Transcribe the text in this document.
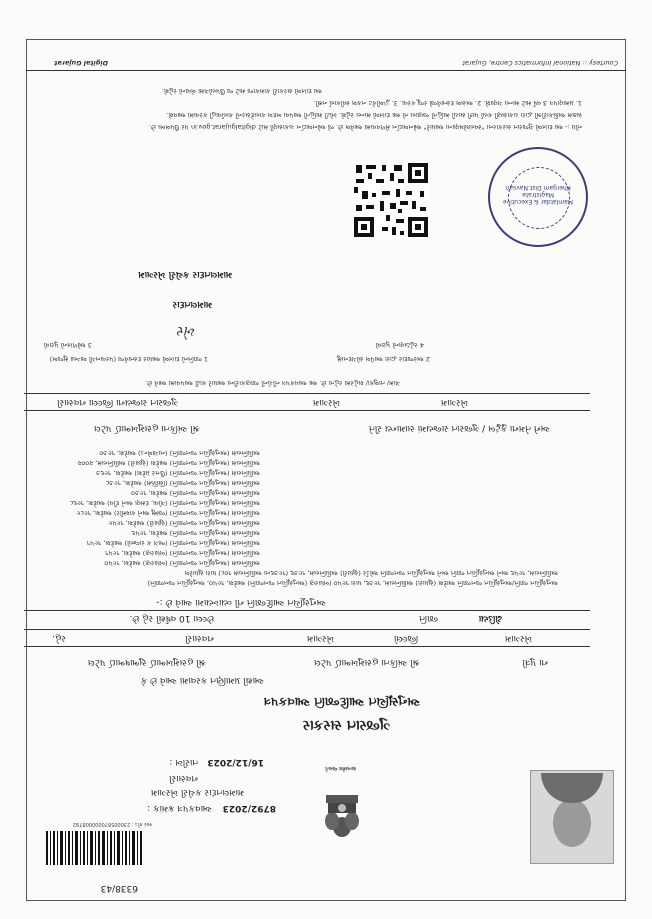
6338/43
સત્યમેવ જયતે
બાર કોડ : 230005870000008792
આવકપત્ર ક્રમાંક : 8792/2023
મામલતદાર કચેરી ખેરગામ
નવસારી
તારીખ : 16/12/2023
ગુજરાત સરકાર
અનુસૂચિત આદિજાતિ આવકપત્ર
આથી પ્રમાણિત કરવામાં આવે છે કે
શ્રી અંકિતા હસમુખભાઈ પટેલ
શ્રી હસમુખભાઈ સુભાષભાઈ પટેલ	ના પુત્રી
રહે.	નવસારી	ખેરગામ	જિલ્લો	ખેરગામ
છેલ્લા 10 વર્ષથી રહે છે.	જાતિ	ઢોડિયા
અનુસૂચિત આદિજાતિ ની વ્યાખ્યામાં આવે છે :-
અનુસૂચિત જાતિ/અનુસૂચિત જનજાતિ આદેશ (સુધારા) અધિનિયમ, ૧૯૭૬, ધારા ૧૯૫૦ (બંધારણ (અનુસૂચિત જનજાતિ) આદેશ, ૧૯૫૦, અનુસૂચિત જનજાતિ)
અધિનિયમ, ૧૯૫૬ અને અનુસૂચિત જાતિ અને અનુસૂચિત જનજાતિ ઓર્ડર (સુધારો) અધિનિયમ, ૧૯૭૬ (૧૯૭૬ના અધિનિયમ ૧૦૮) ધારા સુધારેલ
અધિનિયમ (અનુસૂચિત જનજાતિ) (બંધારણ) આદેશ, ૧૯૫૦
અધિનિયમ (અનુસૂચિત જનજાતિ) (બંધારણ) આદેશ, ૧૯૫૧
અધિનિયમ (અનુસૂચિત જનજાતિ) (ભાગ ક રાજ્યો) આદેશ, ૧૯૫૧
અધિનિયમ (અનુસૂચિત જનજાતિ) આદેશ, ૧૯૫૬
અધિનિયમ (અનુસૂચિત જનજાતિ) (સુધારો) આદેશ, ૧૯૫૯
અધિનિયમ (અનુસૂચિત જનજાતિ) (જમ્મુ અને કાશ્મીર) આદેશ, ૧૯૮૯
અધિનિયમ (અનુસૂચિત જનજાતિ) (ગોવા, દમણ અને દીવ) આદેશ, ૧૯૬૮
અધિનિયમ (અનુસૂચિત જનજાતિ) આદેશ, ૧૯૭૦
અધિનિયમ (અનુસૂચિત જનજાતિ) (સિક્કિમ) આદેશ, ૧૯૭૮
અધિનિયમ (અનુસૂચિત જનજાતિ) (ઉત્તર પ્રદેશ) આદેશ, ૧૯૬૭
અધિનિયમ (અનુસૂચિત જનજાતિ) આદેશ (સુધારો) અધિનિયમ, ૨૦૦૨
અધિનિયમ (અનુસૂચિત જનજાતિ) (નાગાલેન્ડ) આદેશ, ૧૯૭૦
શ્રી અંકિતા હસમુખભાઈ પટેલ	અને તેમના કુટુંબ / ગુજરાત રાજ્યમાં સામાન્ય રીતે
ગુજરાત રાજ્યના જિલ્લા નવસારી	ખેરગામ	ખેરગામ
ગામ/ તાલુકા/ શહેરમાં રહેતા છે. આ આવકપત્ર નીચેની જાણકારીના આધારે કાઢી આપવામાં આવે છે.
1 જાતિનો દાખલો આધાર દસ્તાવેજ (પરવાનગી લાગ્યા મુજબ)	2 અરજદાર દ્વારા આપેલ સોગંદનામું
3 ઓળખનો પુરાવો	4 રહેઠાણનો પુરાવો
ખેર
મામલતદાર
મામલતદાર કચેરી ખેરગામ
Mamlatdar & Executive Magistrate
Khergam Dist.Navsari
નોંધ :- આ દાખલો ગુજરાત સરકારના "સ્વયંઘોષણાના આધારે" ઓનલાઈન મેળવવામાં આવેલ છે. જે ઓનલાઈન ચકાસણી માટે digitalgujarat.gov.in પર ઉપલબ્ધ છે.
સક્ષમ અધિકારીશ્રી દ્વારા ચકાસણી કર્યા પછી સાચી માહિતી જણાય તો આ દાખલો માન્ય રહેશે. ખોટી માહિતી આપવા બદલ કાયદેસરની કાર્યવાહી કરવામાં આવશે.
1. પ્રમાણપત્ર ૩ વર્ષ માટે માન્ય ગણાશે. 2. અસલ દસ્તાવેજો રજૂ કરવા. 3. ડુપ્લીકેટ નકલ સ્વીકાર્ય નથી.
આ દાખલો સરકારી કામકાજ માટે જ ઉપયોગમાં લેવાનો રહેશે.
Courtesy :: National Informatics Centre, Gujarat
Digital Gujarat
